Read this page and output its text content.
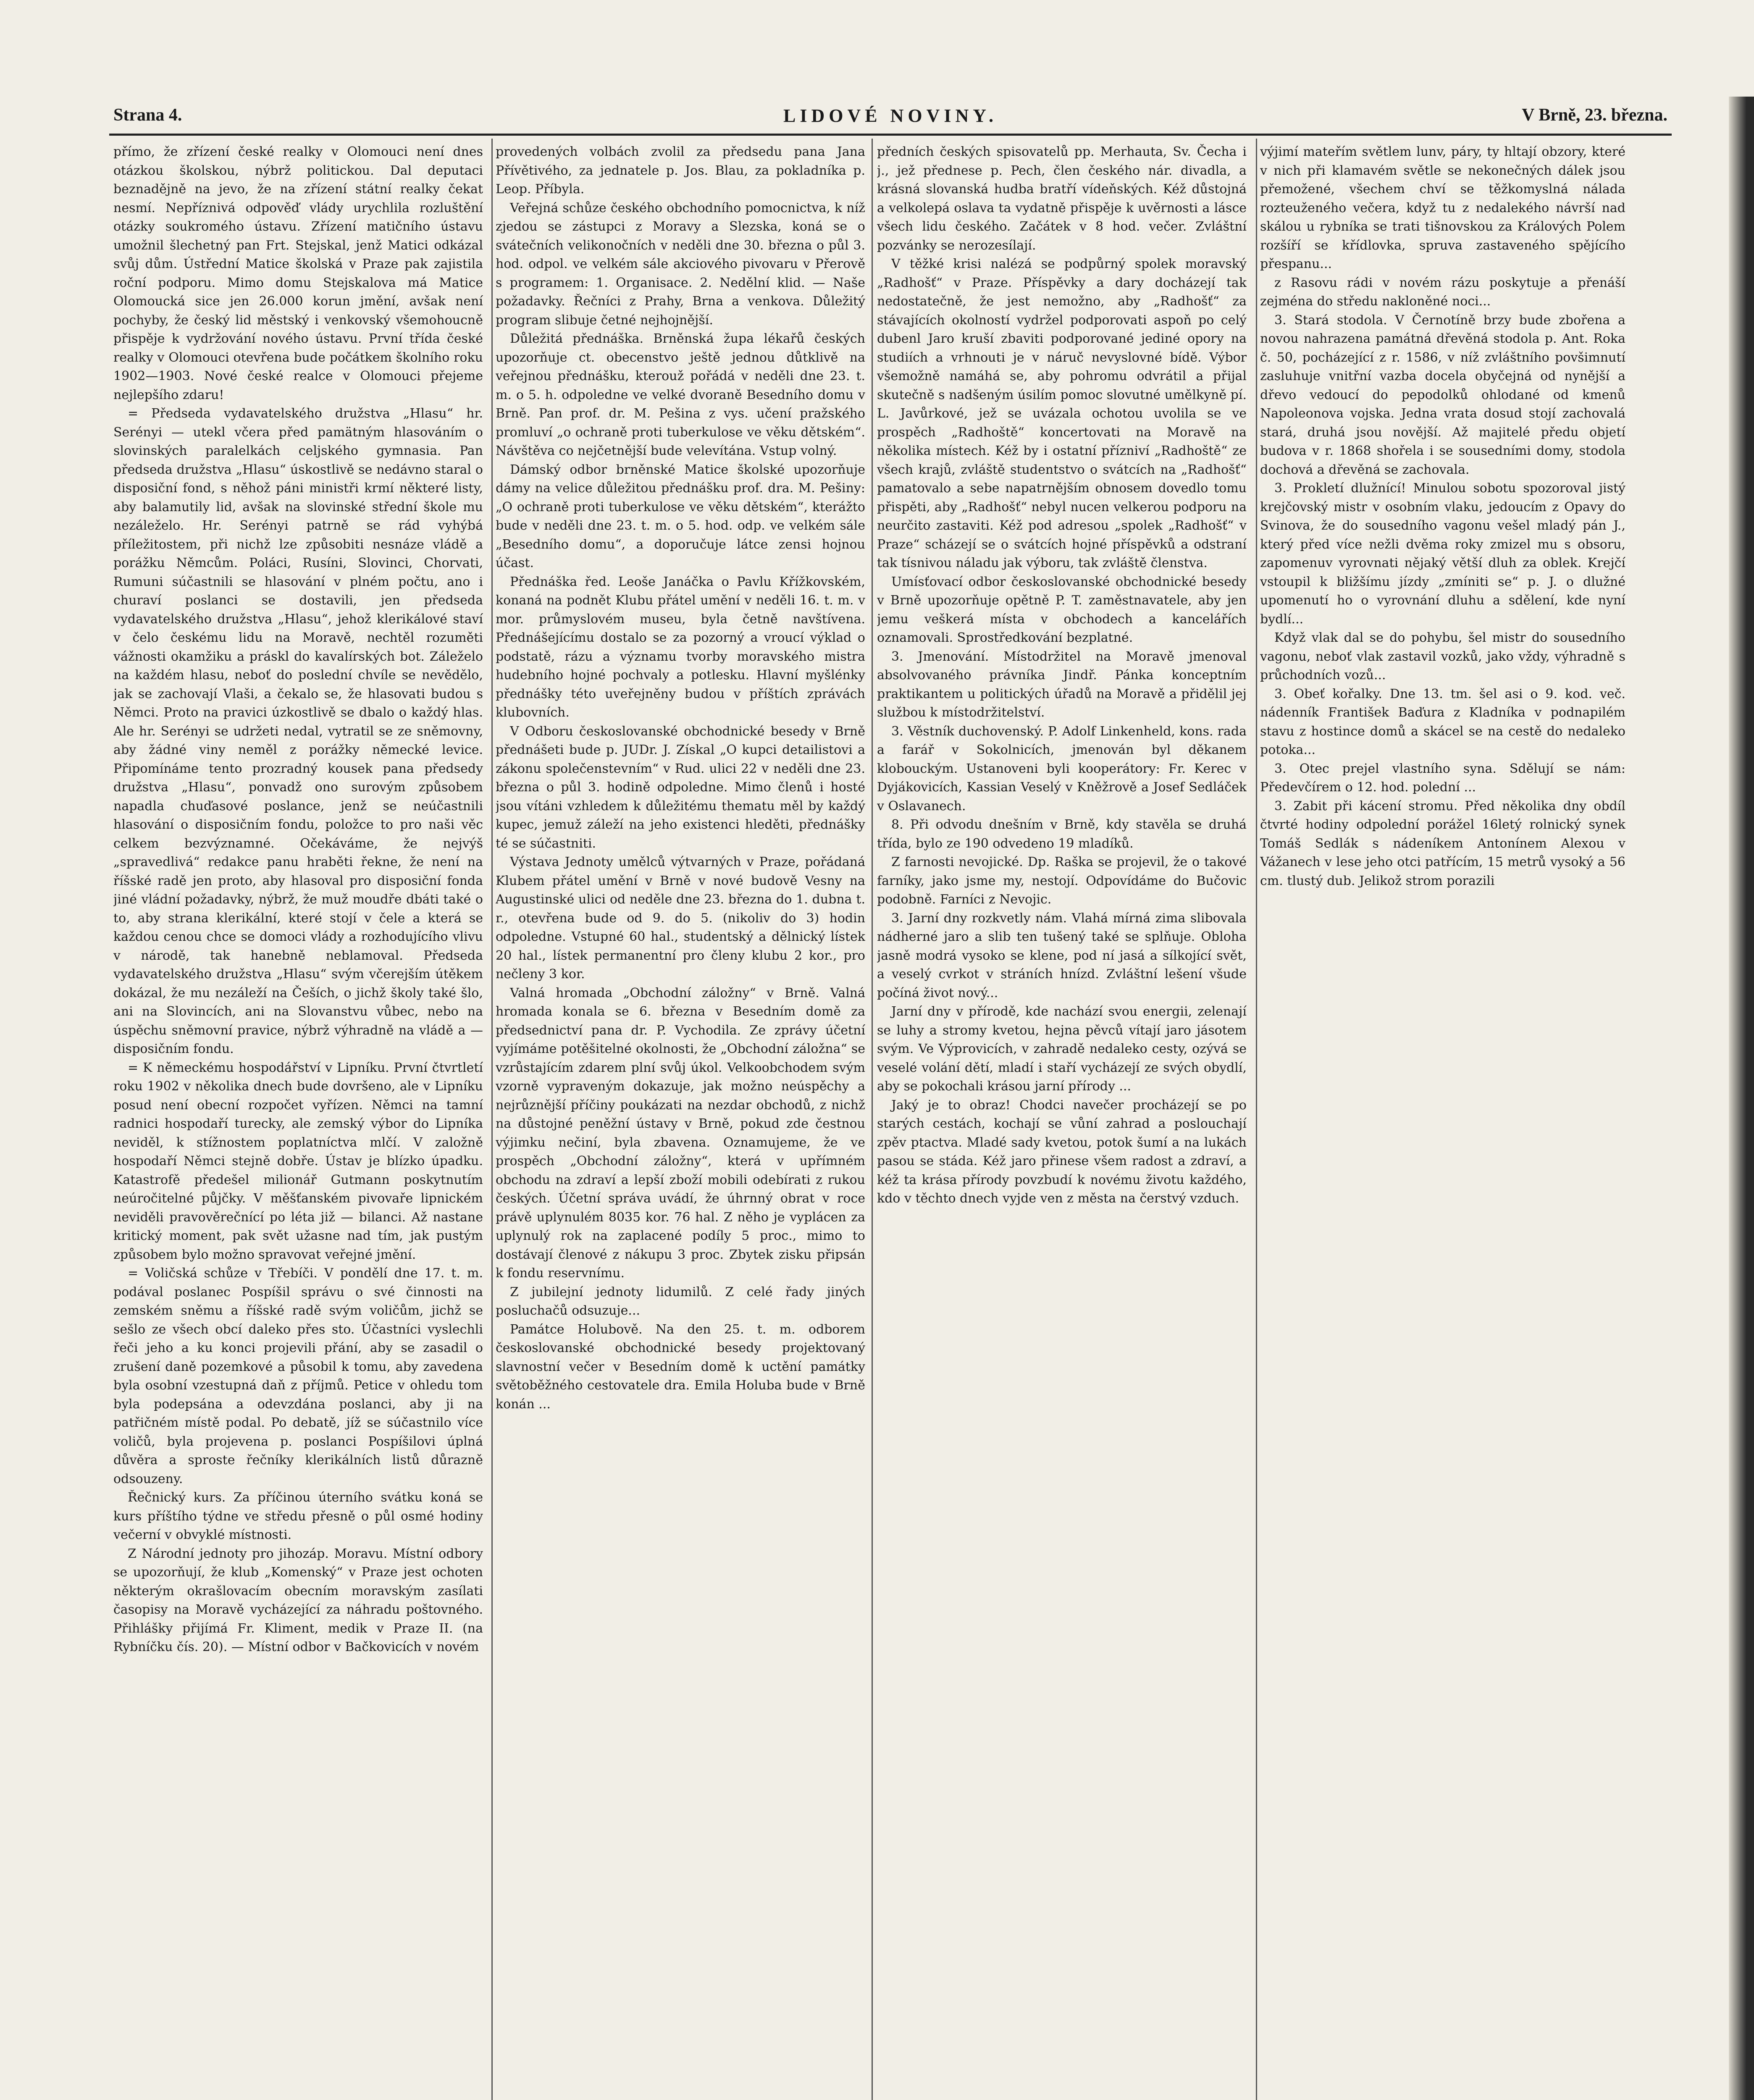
Strana 4.	LIDOVÉ NOVINY.	V Brně, 23. března.

přímo, že zřízení české realky v Olomouci není dnes otázkou školskou, nýbrž politickou. Dal deputaci beznadějně na jevo, že na zřízení státní realky čekat nesmí. Nepříznivá odpověď vlády urychlila rozluštění otázky soukromého ústavu. Zřízení matičního ústavu umožnil šlechetný pan Frt. Stejskal, jenž Matici odkázal svůj dům. Ústřední Matice školská v Praze pak zajistila roční podporu. Mimo domu Stejskalova má Matice Olomoucká sice jen 26.000 korun jmění, avšak není pochyby, že český lid městský i venkovský všemohoucně přispěje k vydržování nového ústavu. První třída české realky v Olomouci otevřena bude počátkem školního roku 1902—1903. Nové české realce v Olomouci přejeme nejlepšího zdaru!

= Předseda vydavatelského družstva „Hlasu“ hr. Serényi — utekl včera před pamätným hlasováním o slovinských paralelkách celjského gymnasia. Pan předseda družstva „Hlasu“ úskostlivě se nedávno staral o disposiční fond, s něhož páni ministři krmí některé listy, aby balamutily lid, avšak na slovinské střední škole mu nezáleželo. Hr. Serényi patrně se rád vyhýbá příležitostem, při nichž lze způsobiti nesnáze vládě a porážku Němcům. Poláci, Rusíni, Slovinci, Chorvati, Rumuni súčastnili se hlasování v plném počtu, ano i churaví poslanci se dostavili, jen předseda vydavatelského družstva „Hlasu“, jehož klerikálové staví v čelo českému lidu na Moravě, nechtěl rozuměti vážnosti okamžiku a práskl do kavalírských bot. Záleželo na každém hlasu, neboť do poslední chvíle se nevědělo, jak se zachovají Vlaši, a čekalo se, že hlasovati budou s Němci. Proto na pravici úzkostlivě se dbalo o každý hlas. Ale hr. Serényi se udržeti nedal, vytratil se ze sněmovny, aby žádné viny neměl z porážky německé levice. Připomínáme tento prozradný kousek pana předsedy družstva „Hlasu“, ponvadž ono surovým způsobem napadla chuďasové poslance, jenž se neúčastnili hlasování o disposičním fondu, položce to pro naši věc celkem bezvýznamné. Očekáváme, že nejvýš „spravedlivá“ redakce panu hraběti řekne, že není na říšské radě jen proto, aby hlasoval pro disposiční fonda jiné vládní požadavky, nýbrž, že muž moudře dbáti také o to, aby strana klerikální, které stojí v čele a která se každou cenou chce se domoci vlády a rozhodujícího vlivu v národě, tak hanebně neblamoval. Předseda vydavatelského družstva „Hlasu“ svým včerejším útěkem dokázal, že mu nezáleží na Češích, o jichž školy také šlo, ani na Slovincích, ani na Slovanstvu vůbec, nebo na úspěchu sněmovní pravice, nýbrž výhradně na vládě a — disposičním fondu.

= K německému hospodářství v Lipníku. První čtvrtletí roku 1902 v několika dnech bude dovršeno, ale v Lipníku posud není obecní rozpočet vyřízen. Němci na tamní radnici hospodaří turecky, ale zemský výbor do Lipníka neviděl, k stížnostem poplatníctva mlčí. V založně hospodaří Němci stejně dobře. Ústav je blízko úpadku. Katastrofě předešel milionář Gutmann poskytnutím neúročitelné půjčky. V měšťanském pivovaře lipnickém neviděli pravověrečnící po léta již — bilanci. Až nastane kritický moment, pak svět užasne nad tím, jak pustým způsobem bylo možno spravovat veřejné jmění.

= Voličská schůze v Třebíči. V pondělí dne 17. t. m. podával poslanec Pospíšil správu o své činnosti na zemském sněmu a říšské radě svým voličům, jichž se sešlo ze všech obcí daleko přes sto. Účastníci vyslechli řeči jeho a ku konci projevili přání, aby se zasadil o zrušení daně pozemkové a působil k tomu, aby zavedena byla osobní vzestupná daň z příjmů. Petice v ohledu tom byla podepsána a odevzdána poslanci, aby ji na patřičném místě podal. Po debatě, jíž se súčastnilo více voličů, byla projevena p. poslanci Pospíšilovi úplná důvěra a sproste řečníky klerikálních listů důrazně odsouzeny.

Řečnický kurs. Za příčinou úterního svátku koná se kurs příštího týdne ve středu přesně o půl osmé hodiny večerní v obvyklé místnosti.

Z Národní jednoty pro jihozáp. Moravu. Místní odbory se upozorňují, že klub „Komenský“ v Praze jest ochoten některým okrašlovacím obecním moravským zasílati časopisy na Moravě vycházející za náhradu poštovného. Přihlášky přijímá Fr. Kliment, medik v Praze II. (na Rybníčku čís. 20). — Místní odbor v Bačkovicích v novém

provedených volbách zvolil za předsedu pana Jana Přívětivého, za jednatele p. Jos. Blau, za pokladníka p. Leop. Příbyla.

Veřejná schůze českého obchodního pomocnictva, k níž zjedou se zástupci z Moravy a Slezska, koná se o svátečních velikonočních v neděli dne 30. března o půl 3. hod. odpol. ve velkém sále akciového pivovaru v Přerově s programem: 1. Organisace. 2. Nedělní klid. — Naše požadavky. Řečníci z Prahy, Brna a venkova. Důležitý program slibuje četné nejhojnější.

Důležitá přednáška. Brněnská župa lékařů českých upozorňuje ct. obecenstvo ještě jednou důtklivě na veřejnou přednášku, kterouž pořádá v neděli dne 23. t. m. o 5. h. odpoledne ve velké dvoraně Besedního domu v Brně. Pan prof. dr. M. Pešina z vys. učení pražského promluví „o ochraně proti tuberkulose ve věku dětském“. Návštěva co nejčetnější bude velevítána. Vstup volný.

Dámský odbor brněnské Matice školské upozorňuje dámy na velice důležitou přednášku prof. dra. M. Pešiny: „O ochraně proti tuberkulose ve věku dětském“, kterážto bude v neděli dne 23. t. m. o 5. hod. odp. ve velkém sále „Besedního domu“, a doporučuje látce zensi hojnou účast.

Přednáška řed. Leoše Janáčka o Pavlu Křížkovském, konaná na podnět Klubu přátel umění v neděli 16. t. m. v mor. průmyslovém museu, byla četně navštívena. Přednášejícímu dostalo se za pozorný a vroucí výklad o podstatě, rázu a významu tvorby moravského mistra hudebního hojné pochvaly a potlesku. Hlavní myšlénky přednášky této uveřejněny budou v příštích zprávách klubovních.

V Odboru českoslovanské obchodnické besedy v Brně přednášeti bude p. JUDr. J. Získal „O kupci detailistovi a zákonu společenstevním“ v Rud. ulici 22 v neděli dne 23. března o půl 3. hodině odpoledne. Mimo členů i hosté jsou vítáni vzhledem k důležitému thematu měl by každý kupec, jemuž záleží na jeho existenci hleděti, přednášky té se súčastniti.

Výstava Jednoty umělců výtvarných v Praze, pořádaná Klubem přátel umění v Brně v nové budově Vesny na Augustinské ulici od neděle dne 23. března do 1. dubna t. r., otevřena bude od 9. do 5. (nikoliv do 3) hodin odpoledne. Vstupné 60 hal., studentský a dělnický lístek 20 hal., lístek permanentní pro členy klubu 2 kor., pro nečleny 3 kor.

Valná hromada „Obchodní záložny“ v Brně. Valná hromada konala se 6. března v Besedním domě za předsednictví pana dr. P. Vychodila. Ze zprávy účetní vyjímáme potěšitelné okolnosti, že „Obchodní záložna“ se vzrůstajícím zdarem plní svůj úkol. Velkoobchodem svým vzorně vypraveným dokazuje, jak možno neúspěchy a nejrůznější příčiny poukázati na nezdar obchodů, z nichž na důstojné peněžní ústavy v Brně, pokud zde čestnou výjimku nečiní, byla zbavena. Oznamujeme, že ve prospěch „Obchodní záložny“, která v upřímném obchodu na zdraví a lepší zboží mobili odebírati z rukou českých. Účetní správa uvádí, že úhrnný obrat v roce právě uplynulém 8035 kor. 76 hal. Z něho je vyplácen za uplynulý rok na zaplacené podíly 5 proc., mimo to dostávají členové z nákupu 3 proc. Zbytek zisku připsán k fondu reservnímu.

Z jubilejní jednoty lidumilů. Z celé řady jiných posluchačů odsuzuje...

Památce Holubově. Na den 25. t. m. odborem českoslovanské obchodnické besedy projektovaný slavnostní večer v Besedním domě k uctění památky světoběžného cestovatele dra. Emila Holuba bude v Brně konán ...

předních českých spisovatelů pp. Merhauta, Sv. Čecha i j., jež přednese p. Pech, člen českého nár. divadla, a krásná slovanská hudba bratří vídeňských. Kéž důstojná a velkolepá oslava ta vydatně přispěje k uvěrnosti a lásce všech lidu českého. Začátek v 8 hod. večer. Zvláštní pozvánky se nerozesílají.

V těžké krisi nalézá se podpůrný spolek moravský „Radhošť“ v Praze. Příspěvky a dary docházejí tak nedostatečně, že jest nemožno, aby „Radhošť“ za stávajících okolností vydržel podporovati aspoň po celý dubenl Jaro kruší zbaviti podporované jediné opory na studiích a vrhnouti je v náruč nevyslovné bídě. Výbor všemožně namáhá se, aby pohromu odvrátil a přijal skutečně s nadšeným úsilím pomoc slovutné umělkyně pí. L. Javůrkové, jež se uvázala ochotou uvolila se ve prospěch „Radhoště“ koncertovati na Moravě na několika místech. Kéž by i ostatní přízniví „Radhoště“ ze všech krajů, zvláště studentstvo o svátcích na „Radhošť“ pamatovalo a sebe napatrnějším obnosem dovedlo tomu přispěti, aby „Radhošť“ nebyl nucen velkerou podporu na neurčito zastaviti. Kéž pod adresou „spolek „Radhošť“ v Praze“ scházejí se o svátcích hojné příspěvků a odstraní tak tísnivou náladu jak výboru, tak zvláště členstva.

Umísťovací odbor českoslovanské obchodnické besedy v Brně upozorňuje opětně P. T. zaměstnavatele, aby jen jemu veškerá místa v obchodech a kancelářích oznamovali. Sprostředkování bezplatné.

3. Jmenování. Místodržitel na Moravě jmenoval absolvovaného právníka Jindř. Pánka konceptním praktikantem u politických úřadů na Moravě a přidělil jej službou k místodržitelství.

3. Věstník duchovenský. P. Adolf Linkenheld, kons. rada a farář v Sokolnicích, jmenován byl děkanem klobouckým. Ustanoveni byli kooperátory: Fr. Kerec v Dyjákovicích, Kassian Veselý v Kněžrově a Josef Sedláček v Oslavanech.

8. Při odvodu dnešním v Brně, kdy stavěla se druhá třída, bylo ze 190 odvedeno 19 mladíků.

Z farnosti nevojické. Dp. Raška se projevil, že o takové farníky, jako jsme my, nestojí. Odpovídáme do Bučovic podobně. Farníci z Nevojic.

3. Jarní dny rozkvetly nám. Vlahá mírná zima slibovala nádherné jaro a slib ten tušený také se splňuje. Obloha jasně modrá vysoko se klene, pod ní jasá a sílkojící svět, a veselý cvrkot v stráních hnízd. Zvláštní lešení všude počíná život nový...

Jarní dny v přírodě, kde nachází svou energii, zelenají se luhy a stromy kvetou, hejna pěvců vítají jaro jásotem svým. Ve Výprovicích, v zahradě nedaleko cesty, ozývá se veselé volání dětí, mladí i staří vycházejí ze svých obydlí, aby se pokochali krásou jarní přírody ...

Jaký je to obraz! Chodci navečer procházejí se po starých cestách, kochají se vůní zahrad a poslouchají zpěv ptactva. Mladé sady kvetou, potok šumí a na lukách pasou se stáda. Kéž jaro přinese všem radost a zdraví, a kéž ta krása přírody povzbudí k novému životu každého, kdo v těchto dnech vyjde ven z města na čerstvý vzduch.

výjimí mateřím světlem lunv, páry, ty hltají obzory, které v nich při klamavém světle se nekonečných dálek jsou přemožené, všechem chví se těžkomyslná nálada rozteuženého večera, když tu z nedalekého návrší nad skálou u rybníka se trati tišnovskou za Králových Polem rozšíří se křídlovka, spruva zastaveného spějícího přespanu...

z Rasovu rádi v novém rázu poskytuje a přenáší zejména do středu nakloněné noci...

3. Stará stodola. V Černotíně brzy bude zbořena a novou nahrazena památná dřevěná stodola p. Ant. Roka č. 50, pocházející z r. 1586, v níž zvláštního povšimnutí zasluhuje vnitřní vazba docela obyčejná od nynější a dřevo vedoucí do pepodolků ohlodané od kmenů Napoleonova vojska. Jedna vrata dosud stojí zachovalá stará, druhá jsou novější. Až majitelé předu objetí budova v r. 1868 shořela i se sousedními domy, stodola dochová a dřevěná se zachovala.

3. Prokletí dlužnící! Minulou sobotu spozoroval jistý krejčovský mistr v osobním vlaku, jedoucím z Opavy do Svinova, že do sousedního vagonu vešel mladý pán J., který před více nežli dvěma roky zmizel mu s obsoru, zapomenuv vyrovnati nějaký větší dluh za oblek. Krejčí vstoupil k bližšímu jízdy „zmíniti se“ p. J. o dlužné upomenutí ho o vyrovnání dluhu a sdělení, kde nyní bydlí...

Když vlak dal se do pohybu, šel mistr do sousedního vagonu, neboť vlak zastavil vozků, jako vždy, výhradně s průchodních vozů...

3. Obeť kořalky. Dne 13. tm. šel asi o 9. kod. več. nádenník František Baďura z Kladníka v podnapilém stavu z hostince domů a skácel se na cestě do nedaleko potoka...

3. Otec prejel vlastního syna. Sdělují se nám: Předevčírem o 12. hod. polední ...

3. Zabit při kácení stromu. Před několika dny obdíl čtvrté hodiny odpolední porážel 16letý rolnický synek Tomáš Sedlák s nádeníkem Antonínem Alexou v Vážanech v lese jeho otci patřícím, 15 metrů vysoký a 56 cm. tlustý dub. Jelikož strom porazili
